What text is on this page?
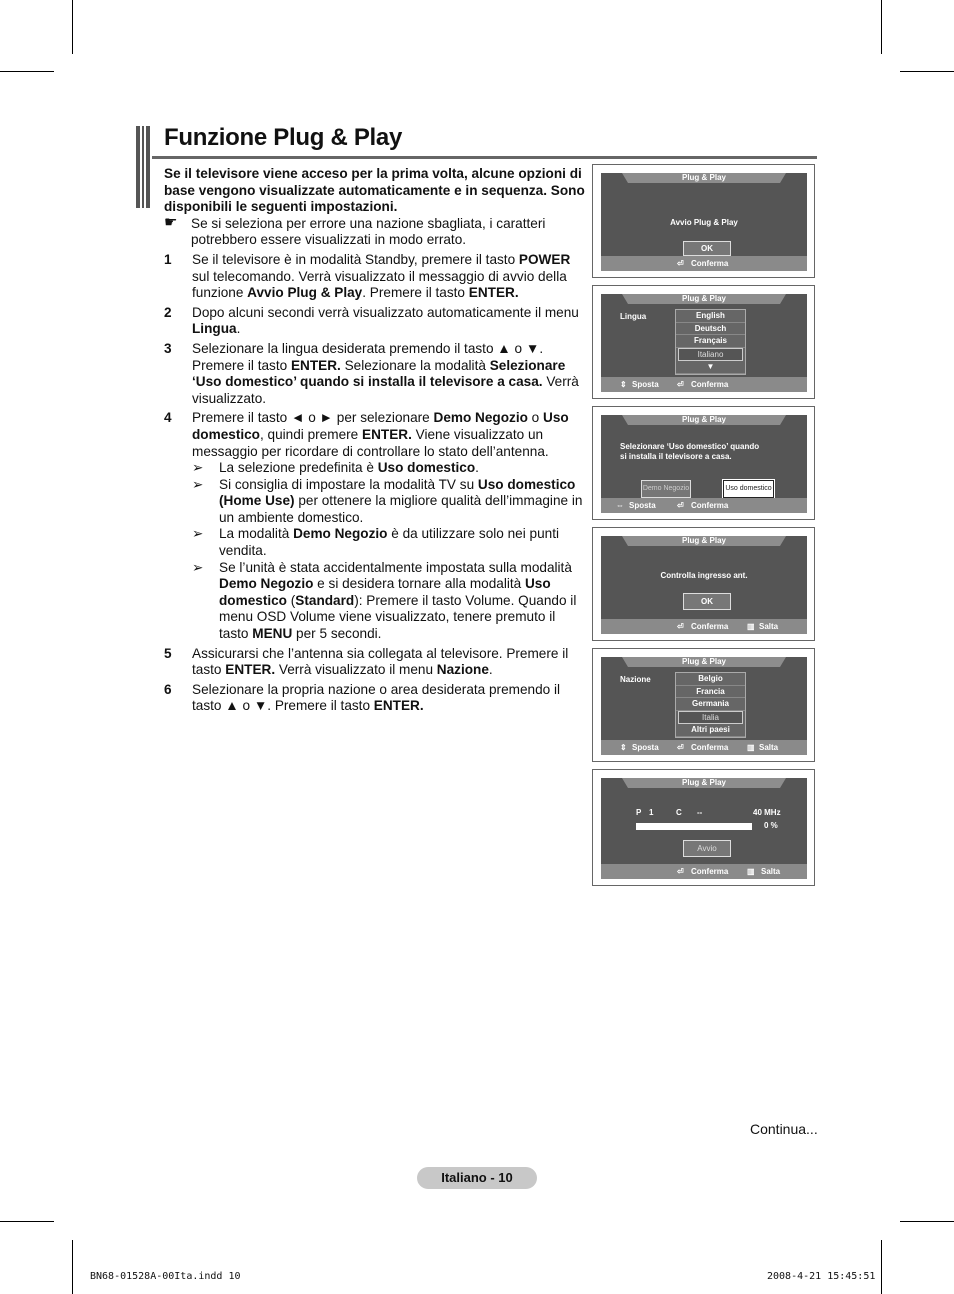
Funzione Plug & Play

Se il televisore viene acceso per la prima volta, alcune opzioni di base vengono visualizzate automaticamente e in sequenza. Sono disponibili le seguenti impostazioni.

☛ Se si seleziona per errore una nazione sbagliata, i caratteri potrebbero essere visualizzati in modo errato.

1 Se il televisore è in modalità Standby, premere il tasto POWER sul telecomando. Verrà visualizzato il messaggio di avvio della funzione Avvio Plug & Play. Premere il tasto ENTER.

2 Dopo alcuni secondi verrà visualizzato automaticamente il menu Lingua.

3 Selezionare la lingua desiderata premendo il tasto ▲ o ▼. Premere il tasto ENTER. Selezionare la modalità Selezionare ‘Uso domestico’ quando si installa il televisore a casa. Verrà visualizzato.

4 Premere il tasto ◄ o ► per selezionare Demo Negozio o Uso domestico, quindi premere ENTER. Viene visualizzato un messaggio per ricordare di controllare lo stato dell’antenna.

➢ La selezione predefinita è Uso domestico.

➢ Si consiglia di impostare la modalità TV su Uso domestico (Home Use) per ottenere la migliore qualità dell’immagine in un ambiente domestico.

➢ La modalità Demo Negozio è da utilizzare solo nei punti vendita.

➢ Se l’unità è stata accidentalmente impostata sulla modalità Demo Negozio e si desidera tornare alla modalità Uso domestico (Standard): Premere il tasto Volume. Quando il menu OSD Volume viene visualizzato, tenere premuto il tasto MENU per 5 secondi.

5 Assicurarsi che l’antenna sia collegata al televisore. Premere il tasto ENTER. Verrà visualizzato il menu Nazione.

6 Selezionare la propria nazione o area desiderata premendo il tasto ▲ o ▼. Premere il tasto ENTER.

Plug & Play
Avvio Plug & Play
OK
⏎ Conferma
Plug & Play
Lingua	English
Deutsch
Français
Italiano
▼
⇕ Sposta ⏎ Conferma
Plug & Play
Selezionare ‘Uso domestico’ quando
si installa il televisore a casa.
Demo Negozio	Uso domestico
⇔ Sposta	⏎ Conferma
Plug & Play
Controlla ingresso ant.
OK
⏎ Conferma ▥ Salta
Plug & Play
Nazione	Belgio
Francia
Germania
Italia
Altri paesi
⇕ Sposta ⏎ Conferma ▥ Salta
Plug & Play
P 1	C --	40 MHz
0 %
Avvio
⏎ Conferma ▥ Salta
Continua...
Italiano - 10
BN68-01528A-00Ita.indd 10	2008-4-21 15:45:51
